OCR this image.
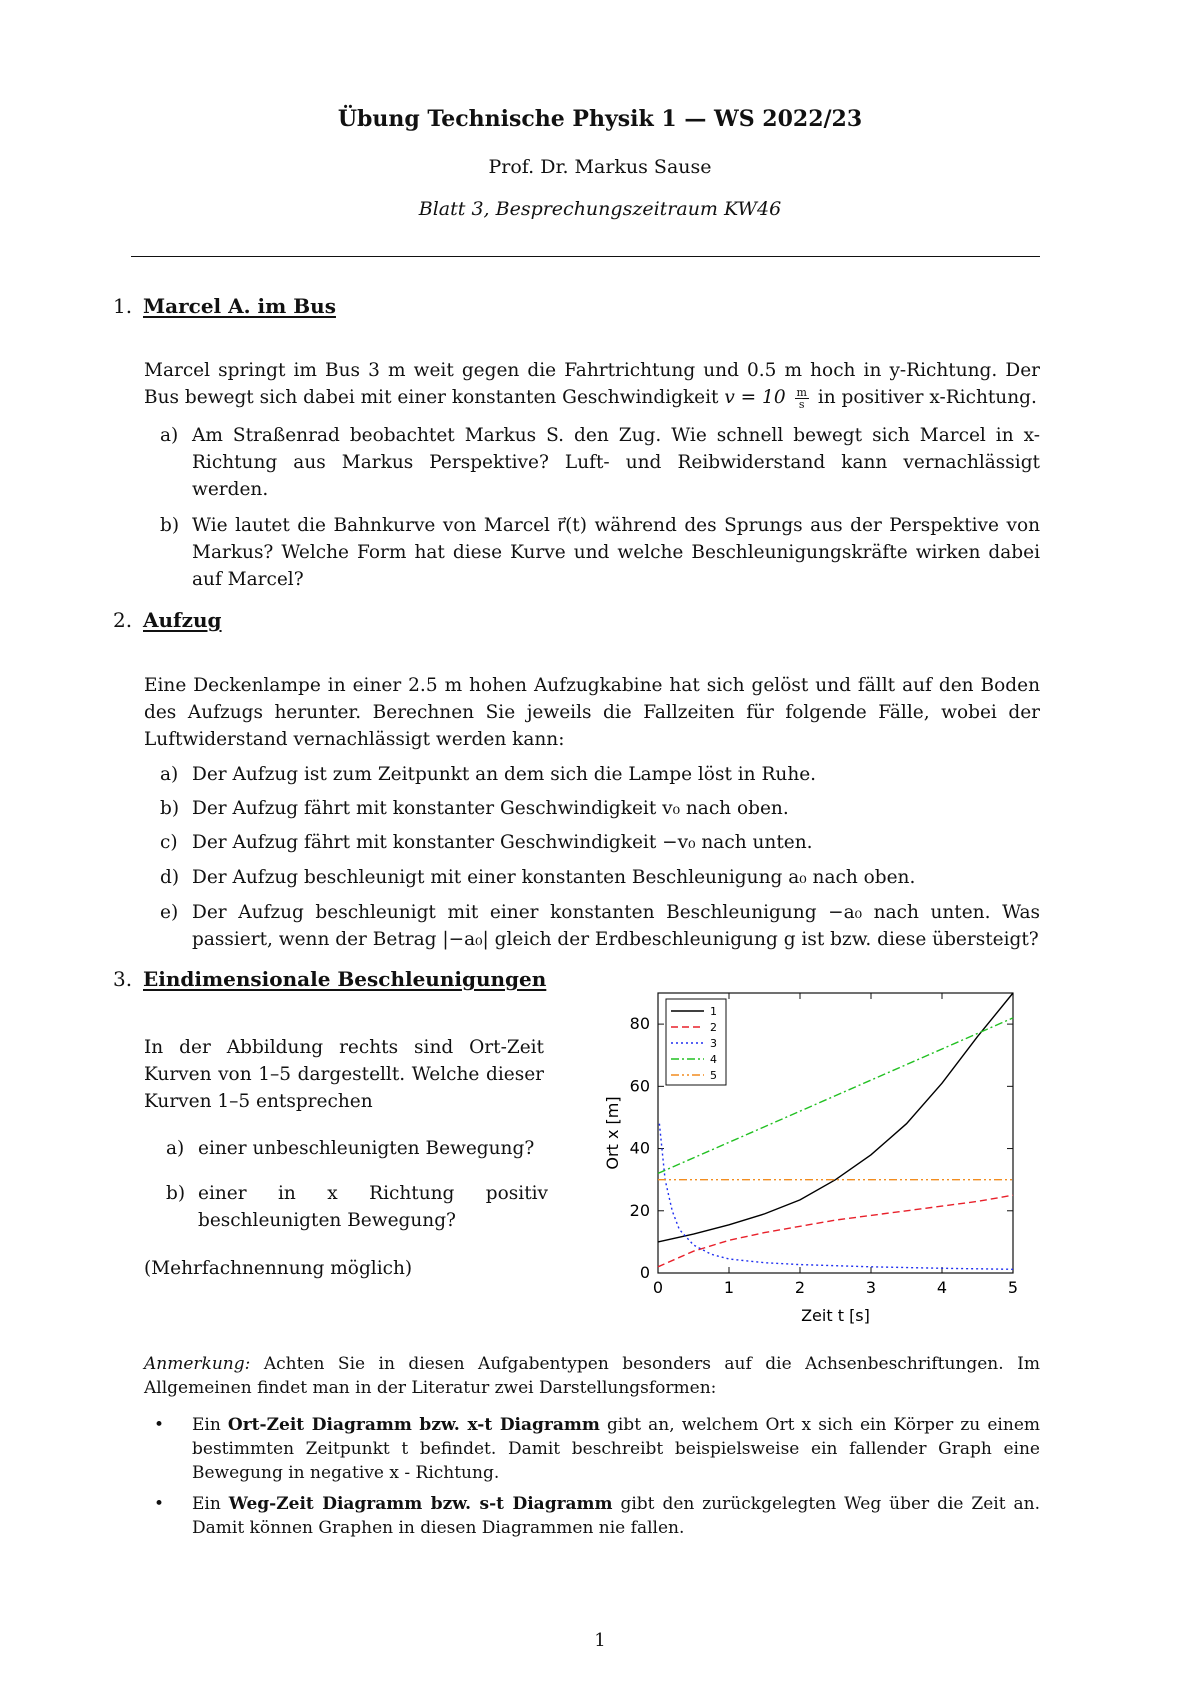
Übung Technische Physik 1 — WS 2022/23
Prof. Dr. Markus Sause
Blatt 3, Besprechungszeitraum KW46
1. Marcel A. im Bus
Marcel springt im Bus 3 m weit gegen die Fahrtrichtung und 0.5 m hoch in y-Richtung. Der Bus bewegt sich dabei mit einer konstanten Geschwindigkeit $v = 10 \frac{m}{s}$ in positiver x-Richtung.
a) Am Straßenrad beobachtet Markus S. den Zug. Wie schnell bewegt sich Marcel in x-Richtung aus Markus Perspektive? Luft- und Reibwiderstand kann vernachlässigt werden.
b) Wie lautet die Bahnkurve von Marcel r⃗(t) während des Sprungs aus der Perspektive von Markus? Welche Form hat diese Kurve und welche Beschleunigungskräfte wirken dabei auf Marcel?
2. Aufzug
Eine Deckenlampe in einer 2.5 m hohen Aufzugkabine hat sich gelöst und fällt auf den Boden des Aufzugs herunter. Berechnen Sie jeweils die Fallzeiten für folgende Fälle, wobei der Luftwiderstand vernachlässigt werden kann:
a) Der Aufzug ist zum Zeitpunkt an dem sich die Lampe löst in Ruhe.
b) Der Aufzug fährt mit konstanter Geschwindigkeit v₀ nach oben.
c) Der Aufzug fährt mit konstanter Geschwindigkeit −v₀ nach unten.
d) Der Aufzug beschleunigt mit einer konstanten Beschleunigung a₀ nach oben.
e) Der Aufzug beschleunigt mit einer konstanten Beschleunigung −a₀ nach unten. Was passiert, wenn der Betrag |−a₀| gleich der Erdbeschleunigung g ist bzw. diese übersteigt?
3. Eindimensionale Beschleunigungen
In der Abbildung rechts sind Ort-Zeit Kurven von 1–5 dargestellt. Welche dieser Kurven 1–5 entsprechen
a) einer unbeschleunigten Bewegung?
b) einer in x Richtung positiv beschleunigten Bewegung?
(Mehrfachnennung möglich)
0	1	2	3	4	5
0
20
40
60
80
Zeit t [s]
Ort x [m]
1
2
3
4
5
Anmerkung: Achten Sie in diesen Aufgabentypen besonders auf die Achsenbeschriftungen. Im Allgemeinen findet man in der Literatur zwei Darstellungsformen:
• Ein Ort-Zeit Diagramm bzw. x-t Diagramm gibt an, welchem Ort x sich ein Körper zu einem bestimmten Zeitpunkt t befindet. Damit beschreibt beispielsweise ein fallender Graph eine Bewegung in negative x - Richtung.
• Ein Weg-Zeit Diagramm bzw. s-t Diagramm gibt den zurückgelegten Weg über die Zeit an. Damit können Graphen in diesen Diagrammen nie fallen.
1
